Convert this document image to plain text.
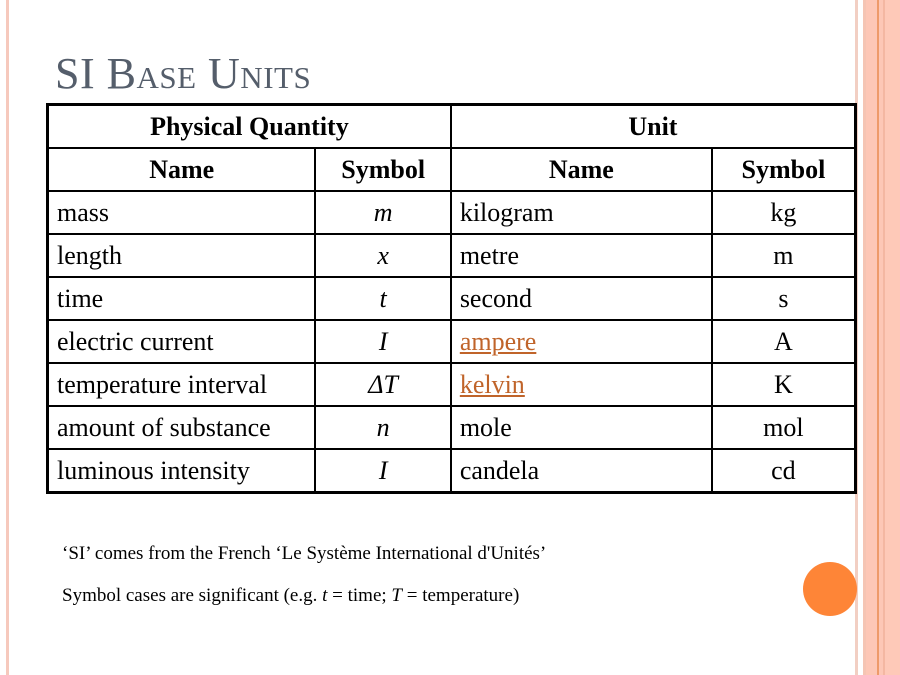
SI Base Units
Physical Quantity		Unit	
Name	Symbol	Name	Symbol
mass	m	kilogram	kg
length	x	metre	m
time	t	second	s
electric current	I	ampere	A
temperature interval	ΔT	kelvin	K
amount of substance	n	mole	mol
luminous intensity	I	candela	cd
‘SI’ comes from the French ‘Le Système International d'Unités’
Symbol cases are significant (e.g. t = time; T = temperature)
